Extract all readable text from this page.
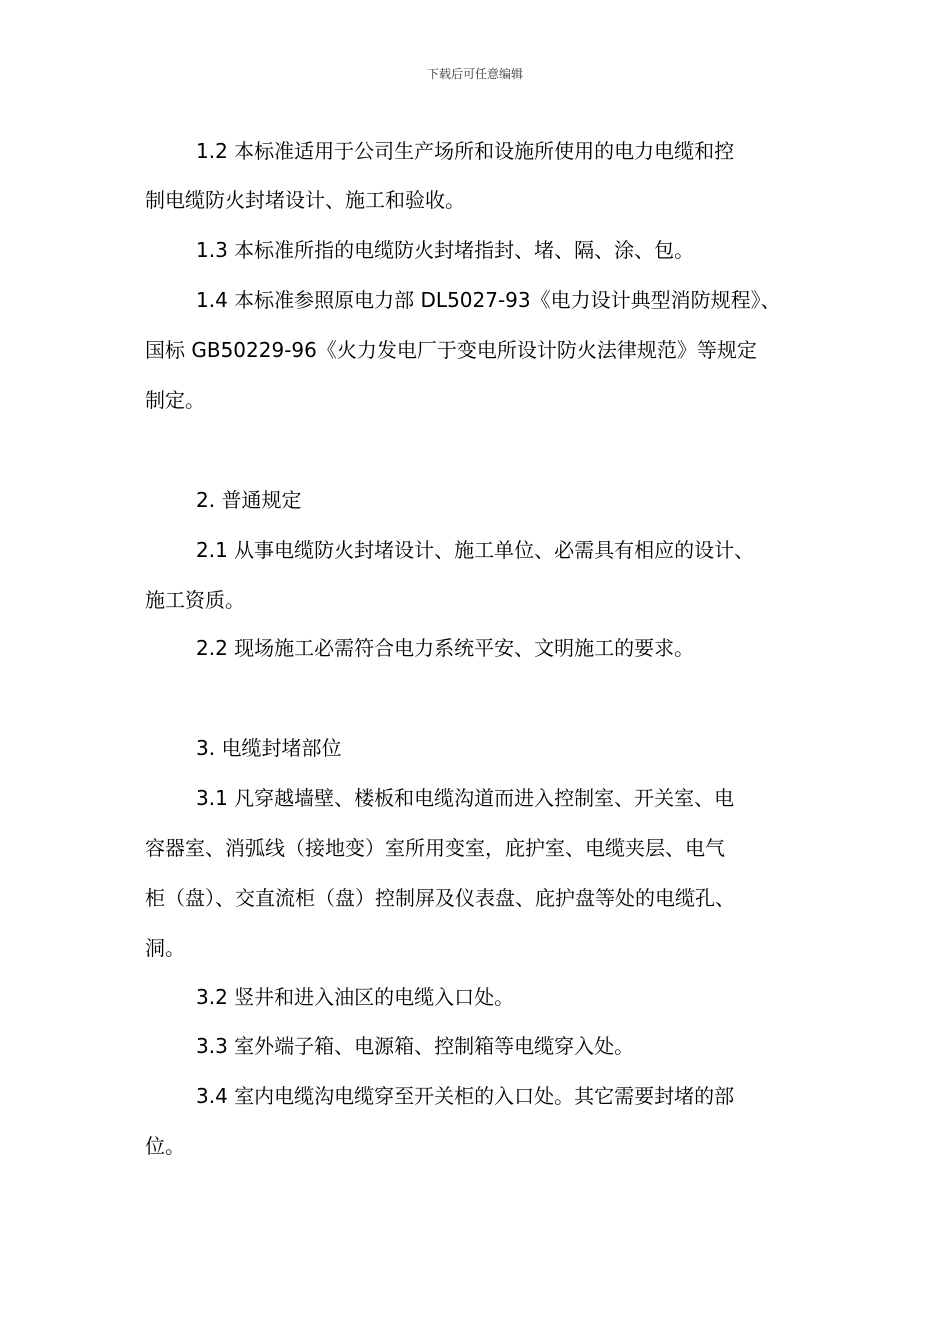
下载后可任意编辑
1.2 本标准适用于公司生产场所和设施所使用的电力电缆和控
制电缆防火封堵设计、施工和验收。
1.3 本标准所指的电缆防火封堵指封、堵、隔、涂、包。
1.4 本标准参照原电力部 DL5027-93《电力设计典型消防规程》、
国标 GB50229-96《火力发电厂于变电所设计防火法律规范》等规定
制定。
2. 普通规定
2.1 从事电缆防火封堵设计、施工单位、必需具有相应的设计、
施工资质。
2.2 现场施工必需符合电力系统平安、文明施工的要求。
3. 电缆封堵部位
3.1 凡穿越墙壁、楼板和电缆沟道而进入控制室、开关室、电
容器室、消弧线（接地变）室所用变室，庇护室、电缆夹层、电气
柜（盘）、交直流柜（盘）控制屏及仪表盘、庇护盘等处的电缆孔、
洞。
3.2 竖井和进入油区的电缆入口处。
3.3 室外端子箱、电源箱、控制箱等电缆穿入处。
3.4 室内电缆沟电缆穿至开关柜的入口处。其它需要封堵的部
位。
